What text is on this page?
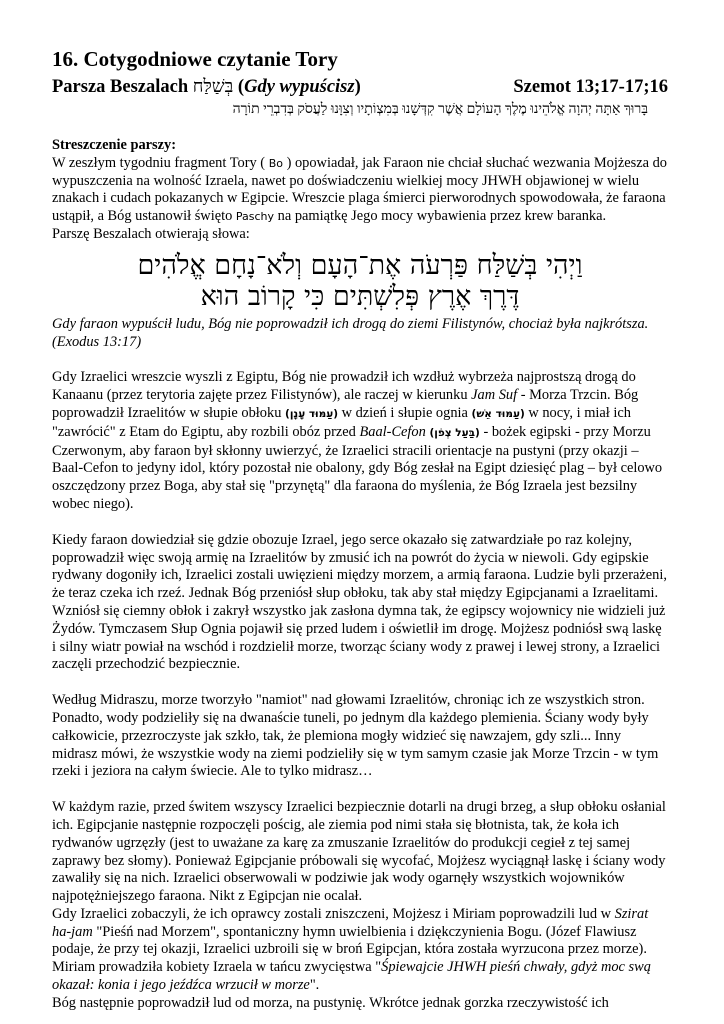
16. Cotygodniowe czytanie Tory
Parsza Beszalach בְּשַׁלַּח (Gdy wypuścisz)	Szemot 13;17-17;16
בָּרוּךְ אַתָּה יְהוָה אֱלֹהֵינוּ מֶלֶךְ הָעוֹלָם אֲשֶׁר קִדְּשָׁנוּ בְּמִצְוֹתָיו וְצִוָּנוּ לַעֲסֹק בְּדִבְרֵי תוֹרָה
Streszczenie parszy:

W zeszłym tygodniu fragment Tory ( Bo ) opowiadał, jak Faraon nie chciał słuchać wezwania Mojżesza do wypuszczenia na wolność Izraela, nawet po doświadczeniu wielkiej mocy JHWH objawionej w wielu znakach i cudach pokazanych w Egipcie. Wreszcie plaga śmierci pierworodnych spowodowała, że faraona ustąpił, a Bóg ustanowił święto Paschy na pamiątkę Jego mocy wybawienia przez krew baranka.
Parszę Beszalach otwierają słowa:

וַיְהִי בְּשַׁלַּח פַּרְעֹה אֶת־הָעָם וְלֹא־נָחָם אֱלֹהִים
דֶּרֶךְ אֶרֶץ פְּלִשְׁתִּים כִּי קָרוֹב הוּא

Gdy faraon wypuścił ludu, Bóg nie poprowadził ich drogą do ziemi Filistynów, chociaż była najkrótsza. (Exodus 13:17)

Gdy Izraelici wreszcie wyszli z Egiptu, Bóg nie prowadził ich wzdłuż wybrzeża najprostszą drogą do Kanaanu (przez terytoria zajęte przez Filistynów), ale raczej w kierunku Jam Suf - Morza Trzcin. Bóg poprowadził Izraelitów w słupie obłoku (עַמּוּד עָנָן) w dzień i słupie ognia (עַמּוּד אֵשׁ) w nocy, i miał ich "zawrócić" z Etam do Egiptu, aby rozbili obóz przed Baal-Cefon (בַּעַל צְפֹן) - bożek egipski - przy Morzu Czerwonym, aby faraon był skłonny uwierzyć, że Izraelici stracili orientacje na pustyni (przy okazji – Baal-Cefon to jedyny idol, który pozostał nie obalony, gdy Bóg zesłał na Egipt dziesięć plag – był celowo oszczędzony przez Boga, aby stał się "przynętą" dla faraona do myślenia, że Bóg Izraela jest bezsilny wobec niego).

Kiedy faraon dowiedział się gdzie obozuje Izrael, jego serce okazało się zatwardziałe po raz kolejny, poprowadził więc swoją armię na Izraelitów by zmusić ich na powrót do życia w niewoli. Gdy egipskie rydwany dogoniły ich, Izraelici zostali uwięzieni między morzem, a armią faraona. Ludzie byli przerażeni, że teraz czeka ich rzeź. Jednak Bóg przeniósł słup obłoku, tak aby stał między Egipcjanami a Izraelitami. Wzniósł się ciemny obłok i zakrył wszystko jak zasłona dymna tak, że egipscy wojownicy nie widzieli już Żydów. Tymczasem Słup Ognia pojawił się przed ludem i oświetlił im drogę. Mojżesz podniósł swą laskę i silny wiatr powiał na wschód i rozdzielił morze, tworząc ściany wody z prawej i lewej strony, a Izraelici zaczęli przechodzić bezpiecznie.

Według Midraszu, morze tworzyło "namiot" nad głowami Izraelitów, chroniąc ich ze wszystkich stron. Ponadto, wody podzieliły się na dwanaście tuneli, po jednym dla każdego plemienia. Ściany wody były całkowicie, przezroczyste jak szkło, tak, że plemiona mogły widzieć się nawzajem, gdy szli... Inny midrasz mówi, że wszystkie wody na ziemi podzieliły się w tym samym czasie jak Morze Trzcin - w tym rzeki i jeziora na całym świecie. Ale to tylko midrasz…

W każdym razie, przed świtem wszyscy Izraelici bezpiecznie dotarli na drugi brzeg, a słup obłoku osłanial ich. Egipcjanie następnie rozpoczęli pościg, ale ziemia pod nimi stała się błotnista, tak, że koła ich rydwanów ugrzęzły (jest to uważane za karę za zmuszanie Izraelitów do produkcji cegieł z tej samej zaprawy bez słomy). Ponieważ Egipcjanie próbowali się wycofać, Mojżesz wyciągnął laskę i ściany wody zawaliły się na nich. Izraelici obserwowali w podziwie jak wody ogarnęły wszystkich wojowników najpotężniejszego faraona. Nikt z Egipcjan nie ocalał.
Gdy Izraelici zobaczyli, że ich oprawcy zostali zniszczeni, Mojżesz i Miriam poprowadzili lud w Szirat ha-jam "Pieśń nad Morzem", spontaniczny hymn uwielbienia i dziękczynienia Bogu. (Józef Flawiusz podaje, że przy tej okazji, Izraelici uzbroili się w broń Egipcjan, która została wyrzucona przez morze). Miriam prowadziła kobiety Izraela w tańcu zwycięstwa "Śpiewajcie JHWH pieśń chwały, gdyż moc swą okazał: konia i jego jeźdźca wrzucił w morze".
Bóg następnie poprowadził lud od morza, na pustynię. Wkrótce jednak gorzka rzeczywistość ich
